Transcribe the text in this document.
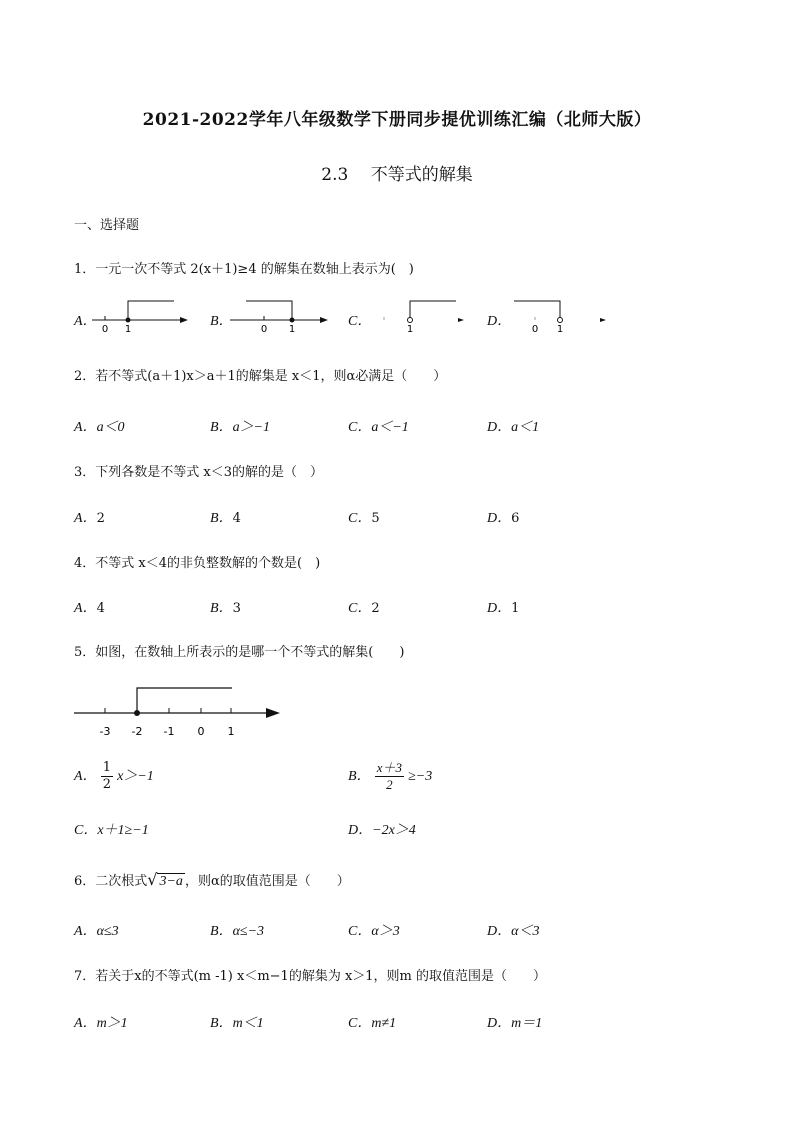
2021-2022学年八年级数学下册同步提优训练汇编（北师大版）
2.3　 不等式的解集
一、选择题
1．一元一次不等式 2(x＋1)≥4 的解集在数轴上表示为(　)
A．
0 1
B．
0 1
C．
1
D．
0 1
2．若不等式(a＋1)x＞a＋1的解集是 x＜1，则α必满足（　　）
A．a＜0	B．a＞−1	C．a＜−1	D．a＜1
3．下列各数是不等式 x＜3的解的是（　）
A．2	B．4	C．5	D．6
4．不等式 x＜4的非负整数解的个数是(　)
A．4	B．3	C．2	D．1
5．如图，在数轴上所表示的是哪一个不等式的解集(　　)
-3 -2 -1 0 1
A． $\frac{1}{2} x>-1$	B． $\frac{x+3}{2} \ge-3$
C．x＋1≥−1	D．−2x＞4
6．二次根式√ 3−a ，则α的取值范围是（　　）
A．α≤3	B．α≤−3	C．α＞3	D．α＜3
7．若关于x的不等式(m -1) x＜m−1的解集为 x＞1，则m 的取值范围是（　　）
A．m＞1	B．m＜1	C．m≠1	D．m＝1
